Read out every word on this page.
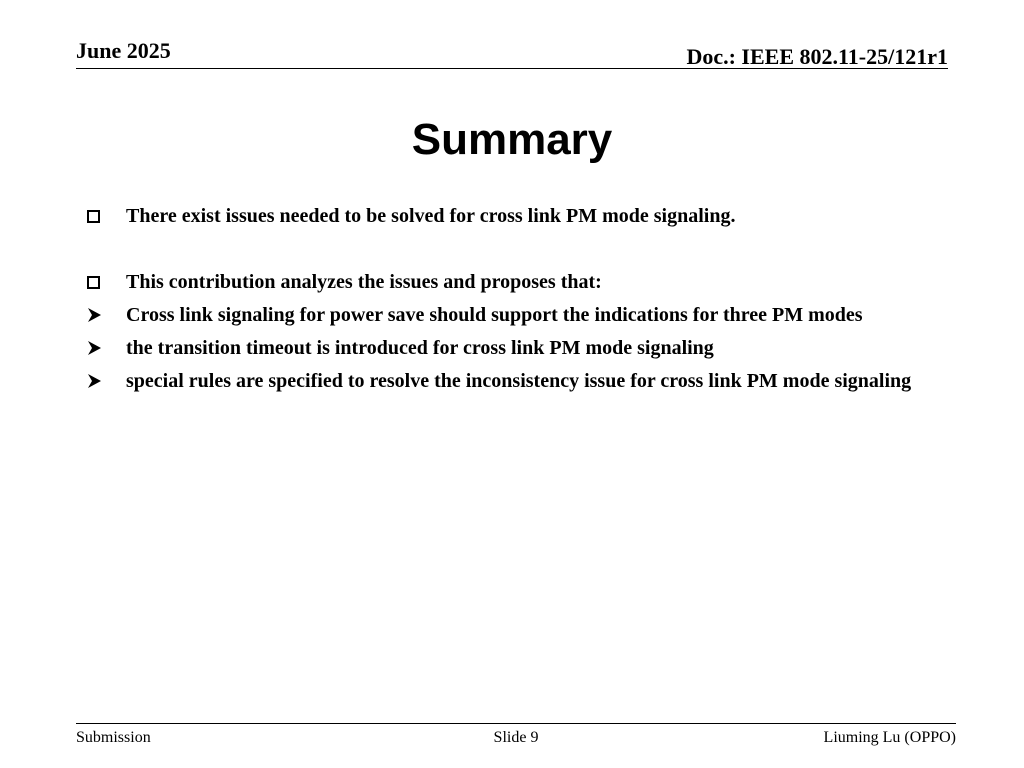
June 2025	Doc.: IEEE 802.11-25/121r1
Summary
There exist issues needed to be solved for cross link PM mode signaling.
This contribution analyzes the issues and proposes that:
Cross link signaling for power save should support the indications for three PM modes
the transition timeout is introduced for cross link PM mode signaling
special rules are specified to resolve the inconsistency issue for cross link PM mode signaling
Submission	Slide 9	Liuming Lu (OPPO)
